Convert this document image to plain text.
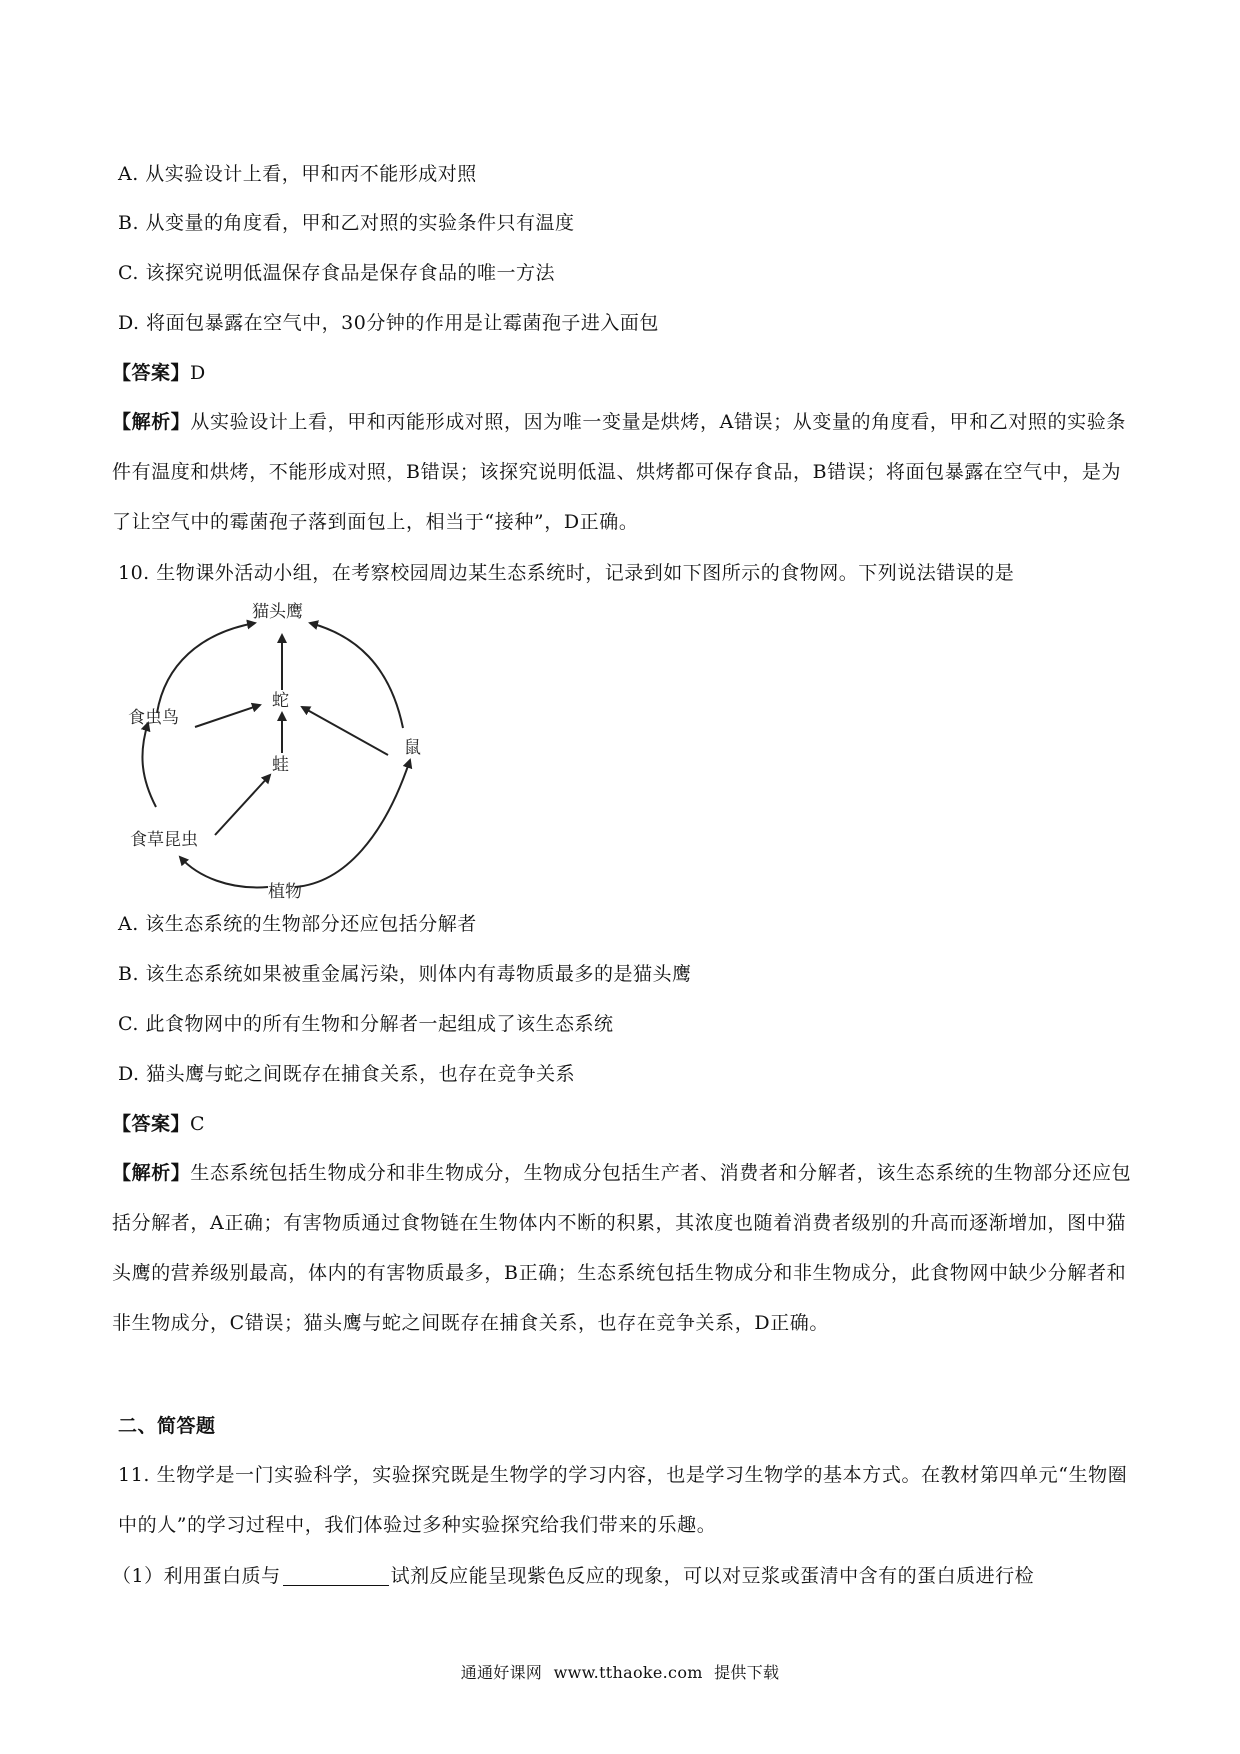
A. 从实验设计上看，甲和丙不能形成对照
B. 从变量的角度看，甲和乙对照的实验条件只有温度
C. 该探究说明低温保存食品是保存食品的唯一方法
D. 将面包暴露在空气中，30分钟的作用是让霉菌孢子进入面包
【答案】D
【解析】从实验设计上看，甲和丙能形成对照，因为唯一变量是烘烤，A错误；从变量的角度看，甲和乙对照的实验条件有温度和烘烤，不能形成对照，B错误；该探究说明低温、烘烤都可保存食品，B错误；将面包暴露在空气中，是为了让空气中的霉菌孢子落到面包上，相当于“接种”，D正确。
10. 生物课外活动小组，在考察校园周边某生态系统时，记录到如下图所示的食物网。下列说法错误的是
猫头鹰
蛇
食虫鸟
蛙
鼠
食草昆虫
植物
A. 该生态系统的生物部分还应包括分解者
B. 该生态系统如果被重金属污染，则体内有毒物质最多的是猫头鹰
C. 此食物网中的所有生物和分解者一起组成了该生态系统
D. 猫头鹰与蛇之间既存在捕食关系，也存在竞争关系
【答案】C
【解析】生态系统包括生物成分和非生物成分，生物成分包括生产者、消费者和分解者，该生态系统的生物部分还应包括分解者，A正确；有害物质通过食物链在生物体内不断的积累，其浓度也随着消费者级别的升高而逐渐增加，图中猫头鹰的营养级别最高，体内的有害物质最多，B正确；生态系统包括生物成分和非生物成分，此食物网中缺少分解者和非生物成分，C错误；猫头鹰与蛇之间既存在捕食关系，也存在竞争关系，D正确。
二、简答题
11. 生物学是一门实验科学，实验探究既是生物学的学习内容，也是学习生物学的基本方式。在教材第四单元“生物圈中的人”的学习过程中，我们体验过多种实验探究给我们带来的乐趣。
（1）利用蛋白质与	试剂反应能呈现紫色反应的现象，可以对豆浆或蛋清中含有的蛋白质进行检
通通好课网 www.tthaoke.com 提供下载
